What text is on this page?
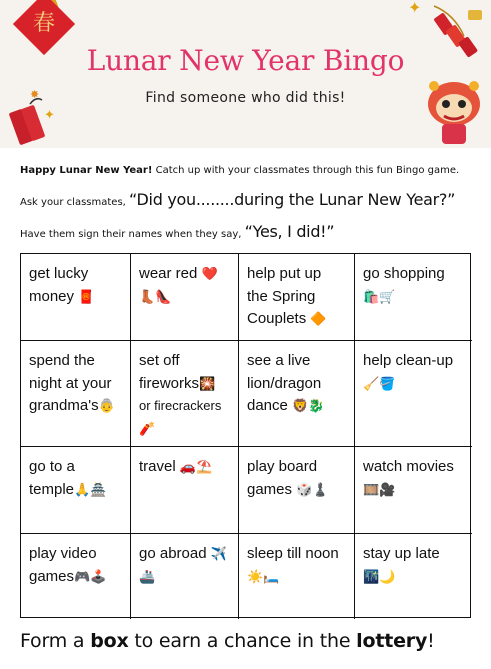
春
✦
✸
✦
Lunar New Year Bingo
Find someone who did this!
Happy Lunar New Year! Catch up with your classmates through this fun Bingo game.
Ask your classmates, “Did you........during the Lunar New Year?”
Have them sign their names when they say, “Yes, I did!”
get lucky money 🧧
wear red ❤️
👢👠
help put up the Spring Couplets 🔶
go shopping
🛍️🛒
spend the night at your grandma's👵
set off fireworks🎇
or firecrackers
🧨
see a live lion/dragon dance 🦁🐉
help clean-up 🧹🪣
go to a temple🙏🏯
travel 🚗⛱️	play board games 🎲♟️
watch movies🎞️🎥
play video games🎮🕹️
go abroad ✈️
🚢
sleep till noon
☀️🛏️
stay up late
🌃🌙
Form a box to earn a chance in the lottery!
